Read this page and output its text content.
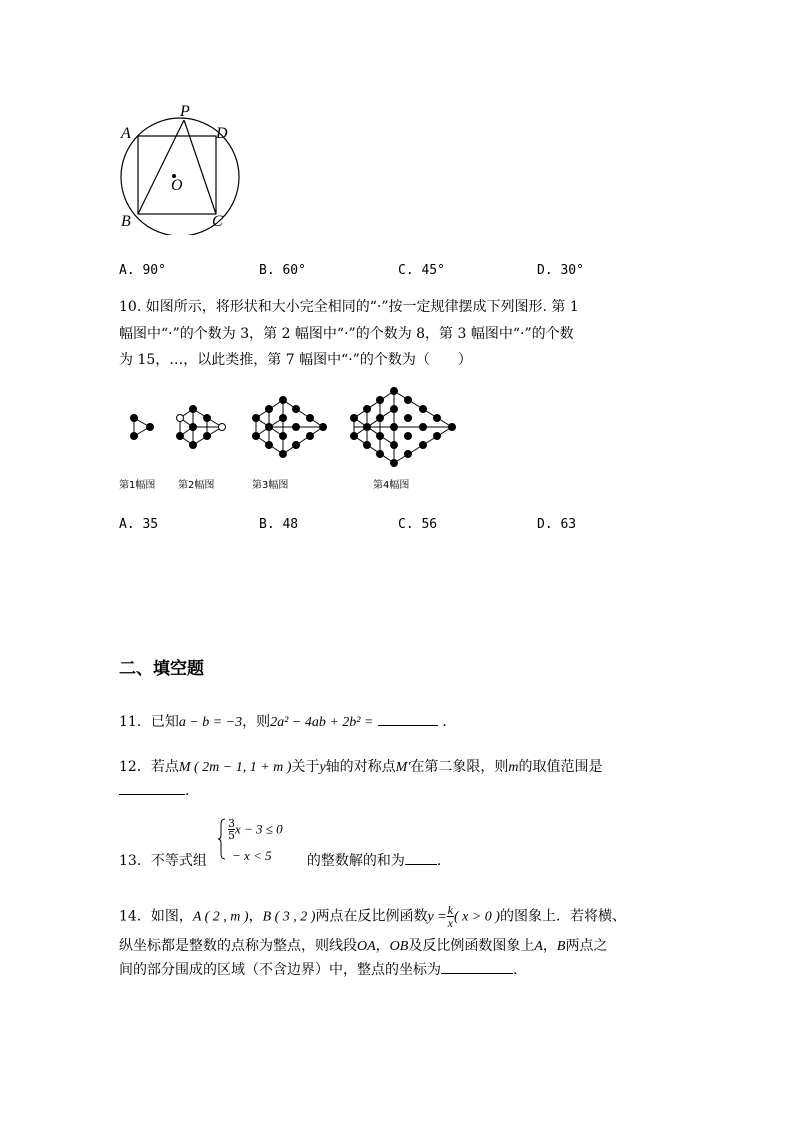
P
A	D
O
B	C
A. 90°	B. 60°	C. 45°	D. 30°
10. 如图所示，将形状和大小完全相同的“·”按一定规律摆成下列图形. 第 1
幅图中“·”的个数为 3，第 2 幅图中“·”的个数为 8，第 3 幅图中“·”的个数
为 15，…，以此类推，第 7 幅图中“·”的个数为（　　）
第1幅图 第2幅图	第3幅图	第4幅图
A. 35	B. 48	C. 56	D. 63
二、填空题
11．已知a − b = −3，则2a² − 4ab + 2b² =	．
12．若点M ( 2m − 1, 1 + m )关于y轴的对称点M′在第二象限，则m的取值范围是
.
$\frac{3}{5}$ x − 3 ≤ 0
− x < 5
13．不等式组	的整数解的和为 .
14．如图，A ( 2 , m )，B ( 3 , 2 )两点在反比例函数$y = \frac{k}{x}$ ( x > 0 )的图象上．若将横、
纵坐标都是整数的点称为整点，则线段OA，OB及反比例函数图象上A，B两点之
间的部分围成的区域（不含边界）中，整点的坐标为	.
